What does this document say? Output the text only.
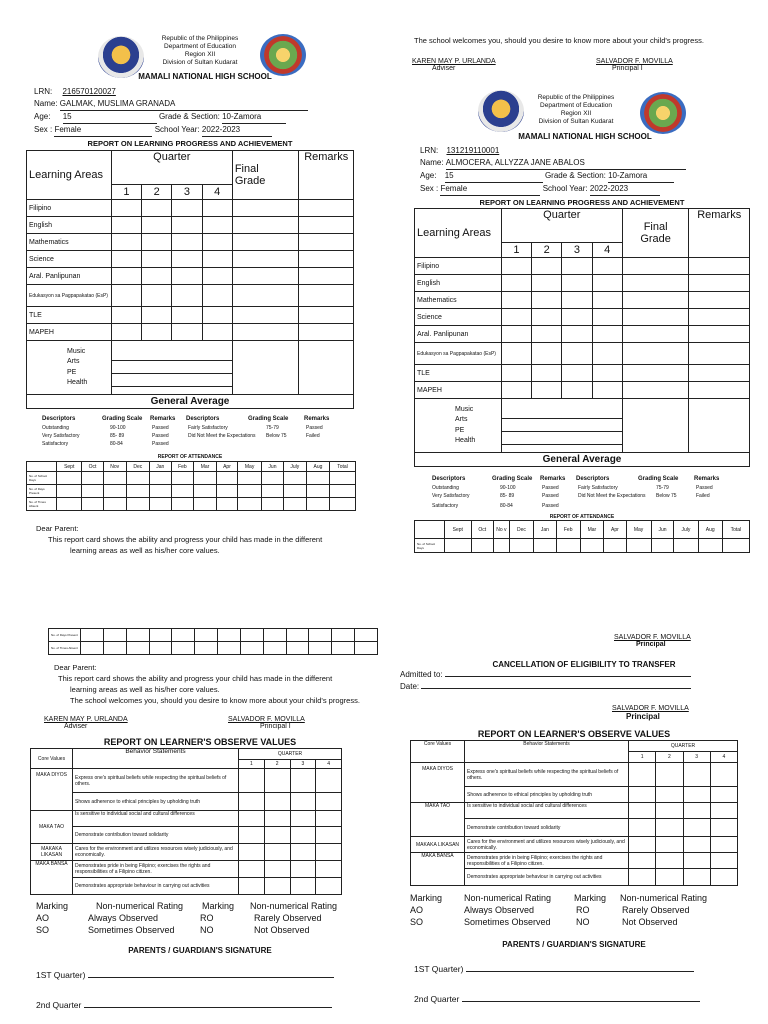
Republic of the Philippines
Department of Education
Region XII
Division of Sultan Kudarat
MAMALI NATIONAL HIGH SCHOOL
LRN: 216570120027
Name: GALMAK, MUSLIMA GRANADA
Age: 15	Grade & Section: 10-Zamora
Sex : Female	School Year: 2022-2023
REPORT ON LEARNING PROGRESS AND ACHIEVEMENT
Learning Areas	Quarter				Final
Grade	Remarks
	1	2	3	4		
Filipino						
English						
Mathematics						
Science						
Aral. Panlipunan						
Edukasyon sa Pagpapakatao (EsP)						
TLE						
MAPEH						

Music
Arts
PE
Health						

General Average						
Descriptors	Grading Scale Remarks Descriptors	Grading Scale	Remarks
Outstanding	90-100	Passed	Fairly Satisfactory	75-79	Passed
Very Satisfactory	85- 89	Passed	Did Not Meet the Expectations Below 75	Failed
Satisfactory	80-84	Passed
REPORT OF ATTENDANCE
	Sept	Oct	Nov	Dec	Jan	Feb	Mar	Apr	May	Jun	July	Aug	Total
No. of School Days													
No. of Days Present													
No. of Times Absent													
Dear Parent:
This report card shows the ability and progress your child has made in the different
learning areas as well as his/her core values.
The school welcomes you, should you desire to know more about your child's progress.
KAREN MAY P. URLANDA
Adviser
SALVADOR F. MOVILLA
Principal I
Republic of the Philippines
Department of Education
Region XII
Division of Sultan Kudarat
MAMALI NATIONAL HIGH SCHOOL
LRN: 131219110001
Name: ALMOCERA, ALLYZZA JANE ABALOS
Age: 15	Grade & Section: 10-Zamora
Sex : Female	School Year: 2022-2023
REPORT ON LEARNING PROGRESS AND ACHIEVEMENT
Learning Areas	Quarter				Final
Grade	Remarks
	1	2	3	4		
Filipino						
English						
Mathematics						
Science						
Aral. Panlipunan						
Edukasyon sa Pagpapakatao (EsP)						
TLE						
MAPEH						

Music
Arts
PE
Health						

General Average						
Descriptors	Grading Scale Remarks Descriptors	Grading Scale	Remarks
Outstanding	90-100	Passed	Fairly Satisfactory	75-79	Passed
Very Satisfactory	85- 89	Passed	Did Not Meet the Expectations Below 75	Failed
Satisfactory	80-84	Passed
REPORT OF ATTENDANCE
	Sept	Oct	No v	Dec	Jan	Feb	Mar	Apr	May	Jun	July	Aug	Total
No. of School Days													
No. of Days Present													
No. of Times Absent													
Dear Parent:
This report card shows the ability and progress your child has made in the different
learning areas as well as his/her core values.
The school welcomes you, should you desire to know more about your child's progress.
KAREN MAY P. URLANDA
Adviser
SALVADOR F. MOVILLA
Principal I
REPORT ON LEARNER'S OBSERVE VALUES
Core Values	Behavior Statements	QUARTER			
		1	2	3	4
MAKA DIYOS	Express one's spiritual beliefs while respecting the spiritual beliefs of others.				
	Shows adherence to ethical principles by upholding truth				
MAKA TAO	Is sensitive to individual social and cultural differences				
	Demonstrate contribution toward solidarity				
MAKAKA LIKASAN	Cares for the environment and utilizes resources wisely judiciously, and economically.				
MAKA BANSA	Demonstrates pride in being Filipino; exercises the rights and responsibilities of a Filipino citizen.				
	Demonstrates appropriate behaviour in carrying out activities				
Marking	Non-numerical Rating Marking Non-numerical Rating
AO	Always Observed	RO	Rarely Observed
SO	Sometimes Observed	NO	Not Observed
PARENTS / GUARDIAN'S SIGNATURE
1ST Quarter)
2nd Quarter
SALVADOR F. MOVILLA
Principal
CANCELLATION OF ELIGIBILITY TO TRANSFER
Admitted to:
Date:
SALVADOR F. MOVILLA
Principal
REPORT ON LEARNER'S OBSERVE VALUES
Core Values	Behavior Statements	QUARTER			
		1	2	3	4
MAKA DIYOS	Express one's spiritual beliefs while respecting the spiritual beliefs of others.				
	Shows adherence to ethical principles by upholding truth				
MAKA TAO	Is sensitive to individual social and cultural differences				
	Demonstrate contribution toward solidarity				
MAKAKA LIKASAN	Cares for the environment and utilizes resources wisely judiciously, and economically.				
MAKA BANSA	Demonstrates pride in being Filipino; exercises the rights and responsibilities of a Filipino citizen.				
	Demonstrates appropriate behaviour in carrying out activities				
Marking Non-numerical Rating	Marking Non-numerical Rating
AO	Always Observed	RO	Rarely Observed
SO	Sometimes Observed	NO	Not Observed
PARENTS / GUARDIAN'S SIGNATURE
1ST Quarter)
2nd Quarter
